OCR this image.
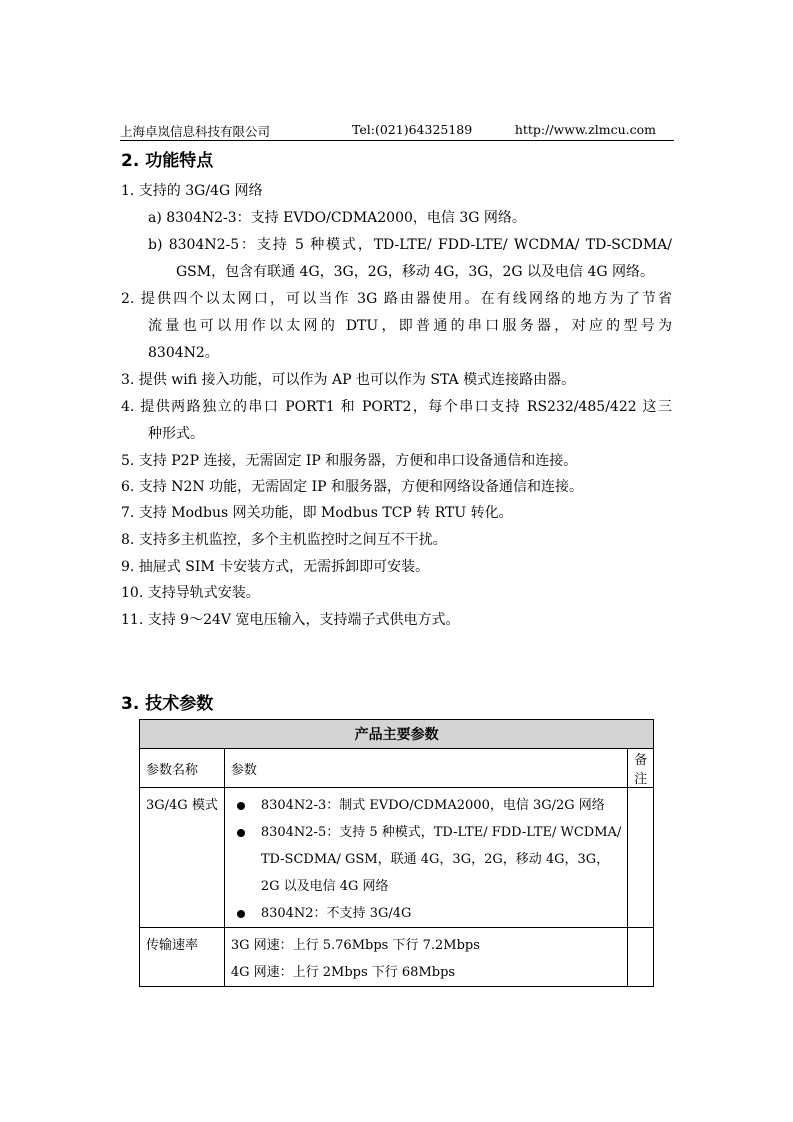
上海卓岚信息科技有限公司	Tel:(021)64325189	http://www.zlmcu.com
2. 功能特点
1. 支持的 3G/4G 网络
a) 8304N2-3：支持 EVDO/CDMA2000，电信 3G 网络。
b) 8304N2-5：支持 5 种模式，TD-LTE/ FDD-LTE/ WCDMA/ TD-SCDMA/
GSM，包含有联通 4G，3G，2G，移动 4G，3G，2G 以及电信 4G 网络。
2. 提供四个以太网口，可以当作 3G 路由器使用。在有线网络的地方为了节省
流量也可以用作以太网的 DTU，即普通的串口服务器，对应的型号为
8304N2。
3. 提供 wifi 接入功能，可以作为 AP 也可以作为 STA 模式连接路由器。
4. 提供两路独立的串口 PORT1 和 PORT2，每个串口支持 RS232/485/422 这三
种形式。
5. 支持 P2P 连接，无需固定 IP 和服务器，方便和串口设备通信和连接。
6. 支持 N2N 功能，无需固定 IP 和服务器，方便和网络设备通信和连接。
7. 支持 Modbus 网关功能，即 Modbus TCP 转 RTU 转化。
8. 支持多主机监控，多个主机监控时之间互不干扰。
9. 抽屉式 SIM 卡安装方式，无需拆卸即可安装。
10. 支持导轨式安装。
11. 支持 9～24V 宽电压输入，支持端子式供电方式。
3. 技术参数
产品主要参数		
参数名称	参数	备注

3G/4G 模式	8304N2-3：制式 EVDO/CDMA2000，电信 3G/2G 网络
8304N2-5：支持 5 种模式，TD-LTE/ FDD-LTE/ WCDMA/
TD-SCDMA/ GSM，联通 4G，3G，2G，移动 4G，3G，
2G 以及电信 4G 网络
8304N2：不支持 3G/4G	

传输速率	3G 网速：上行 5.76Mbps 下行 7.2Mbps
4G 网速：上行 2Mbps 下行 68Mbps	
